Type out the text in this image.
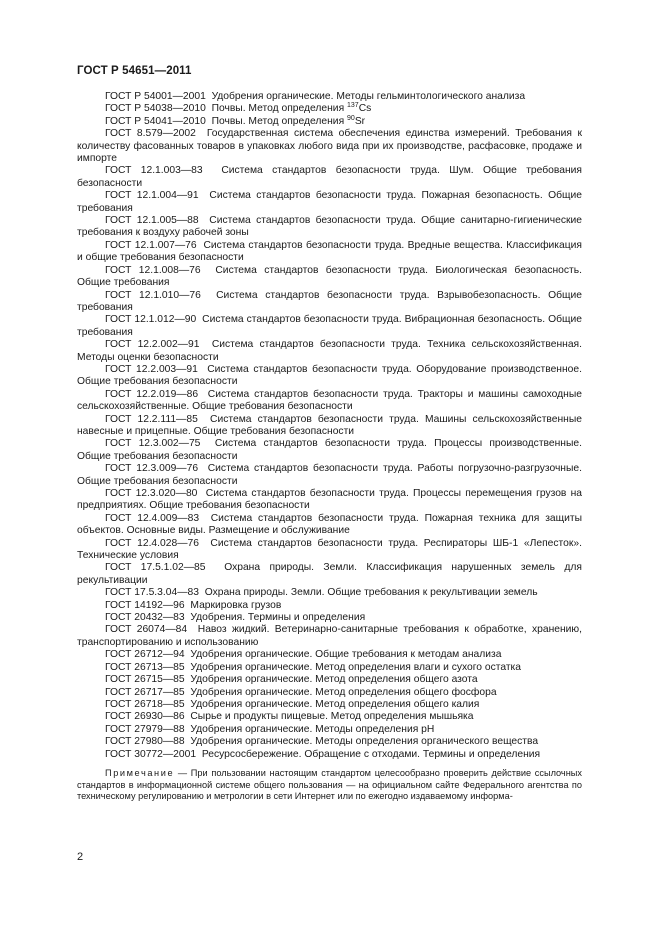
ГОСТ Р 54651—2011

ГОСТ Р 54001—2001 Удобрения органические. Методы гельминтологического анализа

ГОСТ Р 54038—2010 Почвы. Метод определения $^{137}$Cs

ГОСТ Р 54041—2010 Почвы. Метод определения $^{90}$Sr

ГОСТ 8.579—2002 Государственная система обеспечения единства измерений. Требования к количеству фасованных товаров в упаковках любого вида при их производстве, расфасовке, продаже и импорте

ГОСТ 12.1.003—83 Система стандартов безопасности труда. Шум. Общие требования безопасности

ГОСТ 12.1.004—91 Система стандартов безопасности труда. Пожарная безопасность. Общие требования

ГОСТ 12.1.005—88 Система стандартов безопасности труда. Общие санитарно-гигиенические требования к воздуху рабочей зоны

ГОСТ 12.1.007—76 Система стандартов безопасности труда. Вредные вещества. Классификация и общие требования безопасности

ГОСТ 12.1.008—76 Система стандартов безопасности труда. Биологическая безопасность. Общие требования

ГОСТ 12.1.010—76 Система стандартов безопасности труда. Взрывобезопасность. Общие требования

ГОСТ 12.1.012—90 Система стандартов безопасности труда. Вибрационная безопасность. Общие требования

ГОСТ 12.2.002—91 Система стандартов безопасности труда. Техника сельскохозяйственная. Методы оценки безопасности

ГОСТ 12.2.003—91 Система стандартов безопасности труда. Оборудование производственное. Общие требования безопасности

ГОСТ 12.2.019—86 Система стандартов безопасности труда. Тракторы и машины самоходные сельскохозяйственные. Общие требования безопасности

ГОСТ 12.2.111—85 Система стандартов безопасности труда. Машины сельскохозяйственные навесные и прицепные. Общие требования безопасности

ГОСТ 12.3.002—75 Система стандартов безопасности труда. Процессы производственные. Общие требования безопасности

ГОСТ 12.3.009—76 Система стандартов безопасности труда. Работы погрузочно-разгрузочные. Общие требования безопасности

ГОСТ 12.3.020—80 Система стандартов безопасности труда. Процессы перемещения грузов на предприятиях. Общие требования безопасности

ГОСТ 12.4.009—83 Система стандартов безопасности труда. Пожарная техника для защиты объектов. Основные виды. Размещение и обслуживание

ГОСТ 12.4.028—76 Система стандартов безопасности труда. Респираторы ШБ-1 «Лепесток». Технические условия

ГОСТ 17.5.1.02—85 Охрана природы. Земли. Классификация нарушенных земель для рекультивации

ГОСТ 17.5.3.04—83 Охрана природы. Земли. Общие требования к рекультивации земель

ГОСТ 14192—96 Маркировка грузов

ГОСТ 20432—83 Удобрения. Термины и определения

ГОСТ 26074—84 Навоз жидкий. Ветеринарно-санитарные требования к обработке, хранению, транспортированию и использованию

ГОСТ 26712—94 Удобрения органические. Общие требования к методам анализа

ГОСТ 26713—85 Удобрения органические. Метод определения влаги и сухого остатка

ГОСТ 26715—85 Удобрения органические. Метод определения общего азота

ГОСТ 26717—85 Удобрения органические. Метод определения общего фосфора

ГОСТ 26718—85 Удобрения органические. Метод определения общего калия

ГОСТ 26930—86 Сырье и продукты пищевые. Метод определения мышьяка

ГОСТ 27979—88 Удобрения органические. Методы определения pH

ГОСТ 27980—88 Удобрения органические. Методы определения органического вещества

ГОСТ 30772—2001 Ресурсосбережение. Обращение с отходами. Термины и определения

Примечание — При пользовании настоящим стандартом целесообразно проверить действие ссылочных стандартов в информационной системе общего пользования — на официальном сайте Федерального агентства по техническому регулированию и метрологии в сети Интернет или по ежегодно издаваемому информа-
2
